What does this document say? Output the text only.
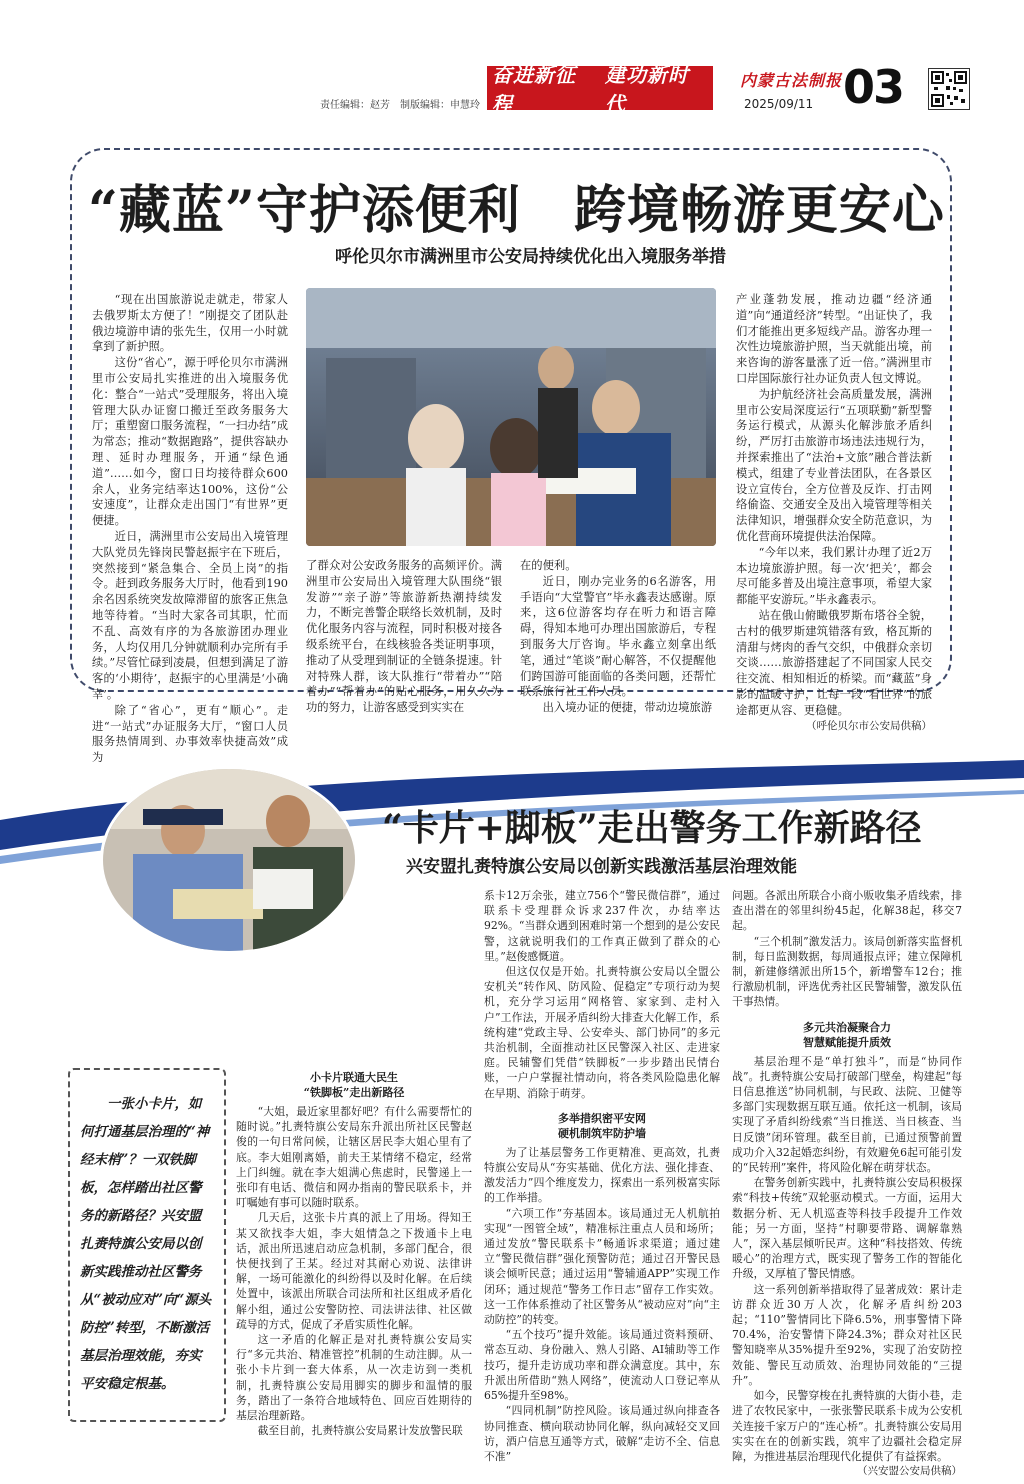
责任编辑：赵芳　制版编辑：申慧玲
奋进新征程
建功新时代
内蒙古法制报
2025/09/11 03
“藏蓝”守护添便利　跨境畅游更安心
呼伦贝尔市满洲里市公安局持续优化出入境服务举措

“现在出国旅游说走就走，带家人去俄罗斯太方便了！”刚提交了团队赴俄边境游申请的张先生，仅用一小时就拿到了新护照。

这份“省心”，源于呼伦贝尔市满洲里市公安局扎实推进的出入境服务优化：整合“一站式”受理服务，将出入境管理大队办证窗口搬迁至政务服务大厅；重塑窗口服务流程，“一扫办结”成为常态；推动“数据跑路”，提供容缺办理、延时办理服务，开通“绿色通道”……如今，窗口日均接待群众600余人，业务完结率达100%，这份“公安速度”，让群众走出国门“有世界”更便捷。

近日，满洲里市公安局出入境管理大队党员先锋岗民警赵振宇在下班后，突然接到“紧急集合、全员上岗”的指令。赶到政务服务大厅时，他看到190余名因系统突发故障滞留的旅客正焦急地等待着。“当时大家各司其职，忙而不乱、高效有序的为各旅游团办理业务，人均仅用几分钟就顺利办完所有手续。”尽管忙碌到凌晨，但想到满足了游客的‘小期待’，赵振宇的心里满是‘小确幸’。

除了“省心”，更有“顺心”。走进“一站式”办证服务大厅，“窗口人员服务热情周到、办事效率快捷高效”成为

了群众对公安政务服务的高频评价。满洲里市公安局出入境管理大队围绕“银发游”“亲子游”等旅游新热潮持续发力，不断完善警企联络长效机制，及时优化服务内容与流程，同时积极对接各级系统平台，在线核验各类证明事项，推动了从受理到制证的全链条提速。针对特殊人群，该大队推行“带着办”“陪着办”“帮着办”的贴心服务，用久久为功的努力，让游客感受到实实在

在的便利。

近日，刚办完业务的6名游客，用手语向“大堂警官”毕永鑫表达感谢。原来，这6位游客均存在听力和语言障碍，得知本地可办理出国旅游后，专程到服务大厅咨询。毕永鑫立刻拿出纸笔，通过“笔谈”耐心解答，不仅提醒他们跨国游可能面临的各类问题，还帮忙联系旅行社工作人员。

出入境办证的便捷，带动边境旅游

产业蓬勃发展，推动边疆“经济通道”向“通道经济”转型。“出证快了，我们才能推出更多短线产品。游客办理一次性边境旅游护照，当天就能出境，前来咨询的游客量涨了近一倍。”满洲里市口岸国际旅行社办证负责人包文博说。

为护航经济社会高质量发展，满洲里市公安局深度运行“五项联勤”新型警务运行模式，从源头化解涉旅矛盾纠纷，严厉打击旅游市场违法违规行为，并探索推出了“法治+文旅”融合普法新模式，组建了专业普法团队，在各景区设立宣传台，全方位普及反诈、打击网络偷盗、交通安全及出入境管理等相关法律知识，增强群众安全防范意识，为优化营商环境提供法治保障。

“今年以来，我们累计办理了近2万本边境旅游护照。每一次‘把关’，都会尽可能多普及出境注意事项，希望大家都能平安游玩。”毕永鑫表示。

站在俄山俯瞰俄罗斯布塔谷全貌，古村的俄罗斯建筑错落有致，格瓦斯的清甜与烤肉的香气交织，中俄群众亲切交谈……旅游搭建起了不同国家人民交往交流、相知相近的桥梁。而“藏蓝”身影的温暖守护，让每一段“看世界”的旅途都更从容、更稳健。

（呼伦贝尔市公安局供稿）
“卡片+脚板”走出警务工作新路径
兴安盟扎赉特旗公安局以创新实践激活基层治理效能
一张小卡片，如何打通基层治理的“神经末梢”？一双铁脚板，怎样踏出社区警务的新路径？兴安盟扎赉特旗公安局以创新实践推动社区警务从“被动应对”向“源头防控”转型，不断激活基层治理效能，夯实平安稳定根基。
小卡片联通大民生
“铁脚板”走出新路径

“大姐，最近家里都好吧？有什么需要帮忙的随时说。”扎赉特旗公安局东升派出所社区民警赵俊的一句日常问候，让辖区居民李大姐心里有了底。李大姐刚离婚，前夫王某情绪不稳定，经常上门纠缠。就在李大姐满心焦虑时，民警递上一张印有电话、微信和网办指南的警民联系卡，并叮嘱她有事可以随时联系。

几天后，这张卡片真的派上了用场。得知王某又欲找李大姐，李大姐情急之下拨通卡上电话，派出所迅速启动应急机制，多部门配合，很快便找到了王某。经过对其耐心劝说、法律讲解，一场可能激化的纠纷得以及时化解。在后续处置中，该派出所联合司法所和社区组成矛盾化解小组，通过公安警防控、司法讲法律、社区做疏导的方式，促成了矛盾实质性化解。

这一矛盾的化解正是对扎赉特旗公安局实行“多元共治、精准管控”机制的生动注脚。从一张小卡片到一套大体系，从一次走访到一类机制，扎赉特旗公安局用脚实的脚步和温情的服务，踏出了一条符合地域特色、回应百姓期待的基层治理新路。

截至目前，扎赉特旗公安局累计发放警民联

系卡12万余张，建立756个“警民微信群”，通过联系卡受理群众诉求237件次，办结率达92%。“当群众遇到困难时第一个想到的是公安民警，这就说明我们的工作真正做到了群众的心里。”赵俊感慨道。

但这仅仅是开始。扎赉特旗公安局以全盟公安机关“转作风、防风险、促稳定”专项行动为契机，充分学习运用“网格管、家家到、走村入户”工作法，开展矛盾纠纷大排查大化解工作，系统构建“党政主导、公安牵头、部门协同”的多元共治机制，全面推动社区民警深入社区、走进家庭。民辅警们凭借“铁脚板”一步步踏出民情台账，一户户掌握社情动向，将各类风险隐患化解在早期、消除于萌芽。

多举措织密平安网
硬机制筑牢防护墙

为了让基层警务工作更精准、更高效，扎赉特旗公安局从“夯实基础、优化方法、强化排查、激发活力”四个维度发力，探索出一系列极富实际的工作举措。

“六项工作”夯基固本。该局通过无人机航拍实现“一图管全域”，精准标注重点人员和场所；通过发放“警民联系卡”畅通诉求渠道；通过建立“警民微信群”强化预警防范；通过召开警民恳谈会倾听民意；通过运用“警辅通APP”实现工作闭环；通过规范“警务工作日志”留存工作实效。这一工作体系推动了社区警务从“被动应对”向“主动防控”的转变。

“五个技巧”提升效能。该局通过资料预研、常态互动、身份融入、熟人引路、AI辅助等工作技巧，提升走访成功率和群众满意度。其中，东升派出所借助“熟人网络”，使流动人口登记率从65%提升至98%。

“四同机制”防控风险。该局通过纵向排查各协同推查、横向联动协同化解，纵向减轻交叉回访，酒户信息互通等方式，破解“走访不全、信息不准”

问题。各派出所联合小商小贩收集矛盾线索，排查出潜在的邻里纠纷45起，化解38起，移交7起。

“三个机制”激发活力。该局创新落实监督机制，每日监测数据，每周通报点评；建立保障机制，新建修缮派出所15个，新增警车12台；推行激励机制，评选优秀社区民警辅警，激发队伍干事热情。

多元共治凝聚合力
智慧赋能提升质效

基层治理不是“单打独斗”，而是“协同作战”。扎赉特旗公安局打破部门壁垒，构建起“每日信息推送”协同机制，与民政、法院、卫健等多部门实现数据互联互通。依托这一机制，该局实现了矛盾纠纷线索“当日推送、当日核查、当日反馈”闭环管理。截至目前，已通过预警前置成功介入32起婚恋纠纷，有效避免6起可能引发的“民转刑”案件，将风险化解在萌芽状态。

在警务创新实践中，扎赉特旗公安局积极探索“科技+传统”双轮驱动模式。一方面，运用大数据分析、无人机巡查等科技手段提升工作效能；另一方面，坚持“村聊要带路、调解靠熟人”，深入基层倾听民声。这种“科技搭效、传统暖心”的治理方式，既实现了警务工作的智能化升级，又厚植了警民情感。

这一系列创新举措取得了显著成效：累计走访群众近30万人次，化解矛盾纠纷203起；“110”警情同比下降6.5%，刑事警情下降70.4%，治安警情下降24.3%；群众对社区民警知晓率从35%提升至92%，实现了治安防控效能、警民互动质效、治理协同效能的“三提升”。

如今，民警穿梭在扎赉特旗的大街小巷，走进了农牧民家中，一张张警民联系卡成为公安机关连接千家万户的“连心桥”。扎赉特旗公安局用实实在在的创新实践，筑牢了边疆社会稳定屏障，为推进基层治理现代化提供了有益探索。

（兴安盟公安局供稿）
